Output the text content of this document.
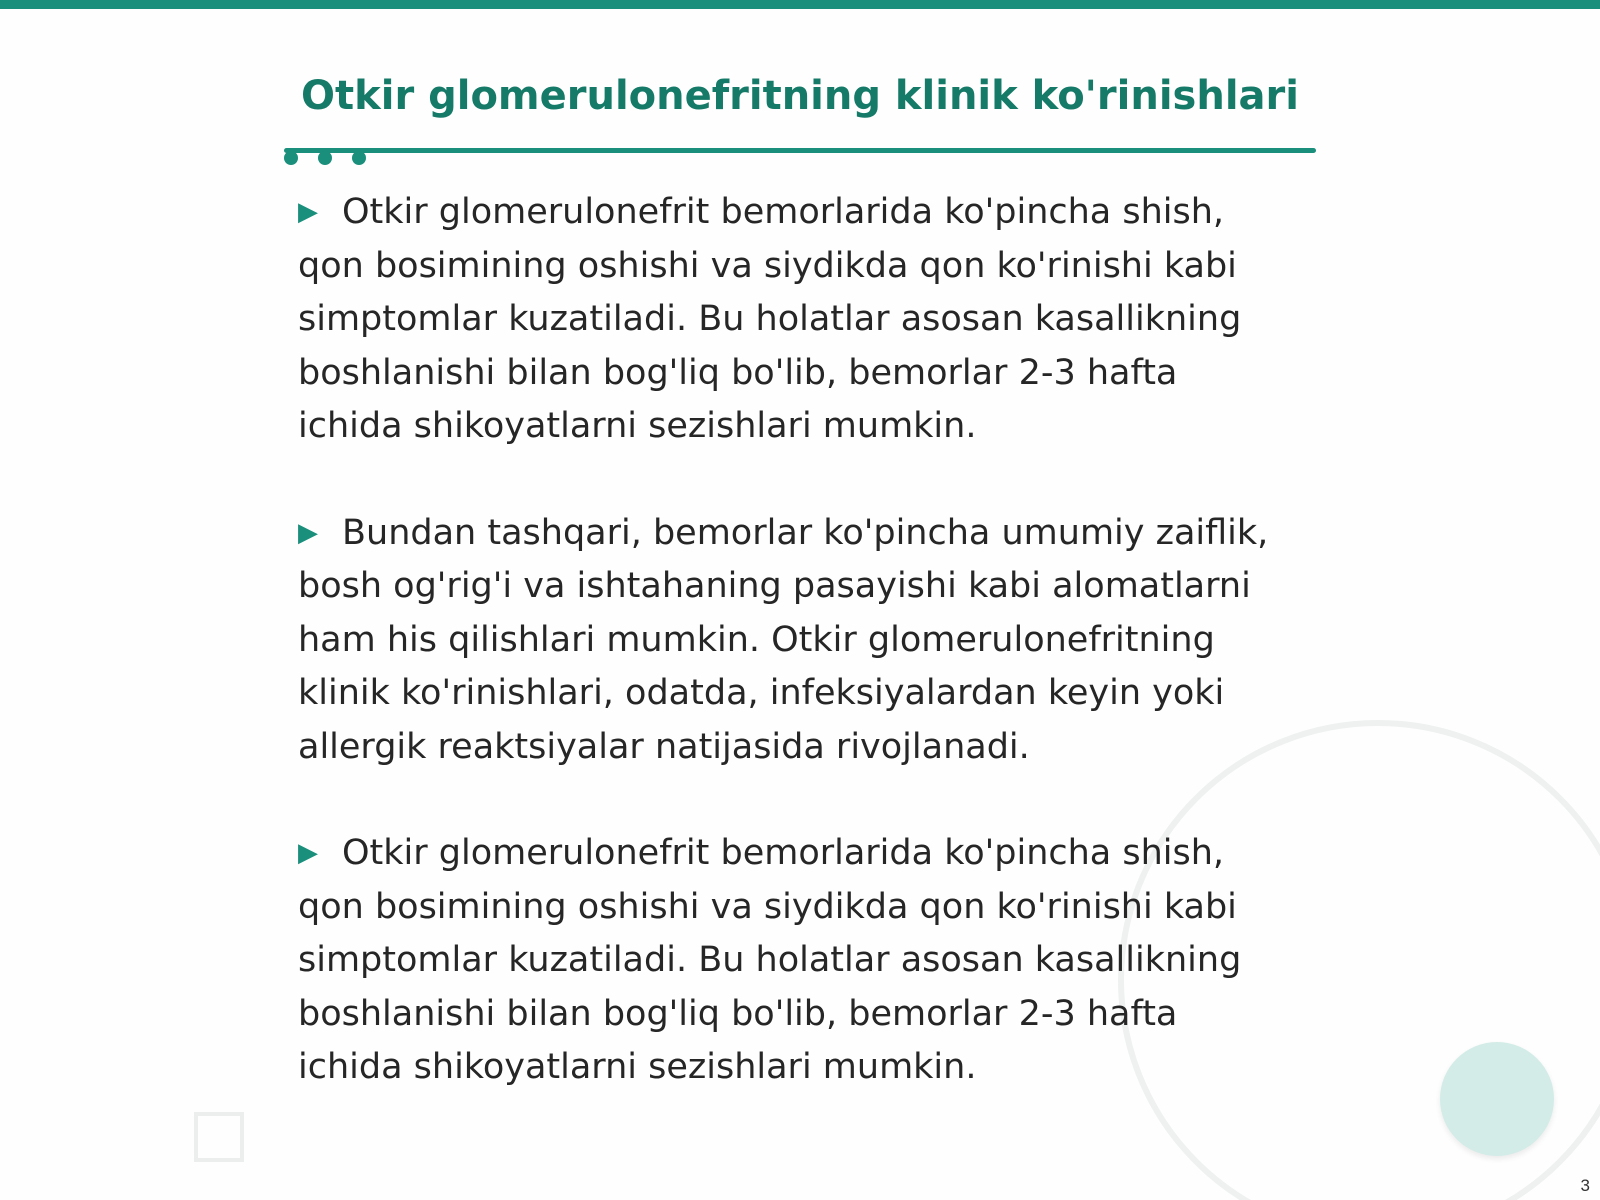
Otkir glomerulonefritning klinik ko'rinishlari

▶ Otkir glomerulonefrit bemorlarida ko'pincha shish,
qon bosimining oshishi va siydikda qon ko'rinishi kabi
simptomlar kuzatiladi. Bu holatlar asosan kasallikning
boshlanishi bilan bog'liq bo'lib, bemorlar 2-3 hafta
ichida shikoyatlarni sezishlari mumkin.

▶ Bundan tashqari, bemorlar ko'pincha umumiy zaiflik,
bosh og'rig'i va ishtahaning pasayishi kabi alomatlarni
ham his qilishlari mumkin. Otkir glomerulonefritning
klinik ko'rinishlari, odatda, infeksiyalardan keyin yoki
allergik reaktsiyalar natijasida rivojlanadi.

▶ Otkir glomerulonefrit bemorlarida ko'pincha shish,
qon bosimining oshishi va siydikda qon ko'rinishi kabi
simptomlar kuzatiladi. Bu holatlar asosan kasallikning
boshlanishi bilan bog'liq bo'lib, bemorlar 2-3 hafta
ichida shikoyatlarni sezishlari mumkin.

3
